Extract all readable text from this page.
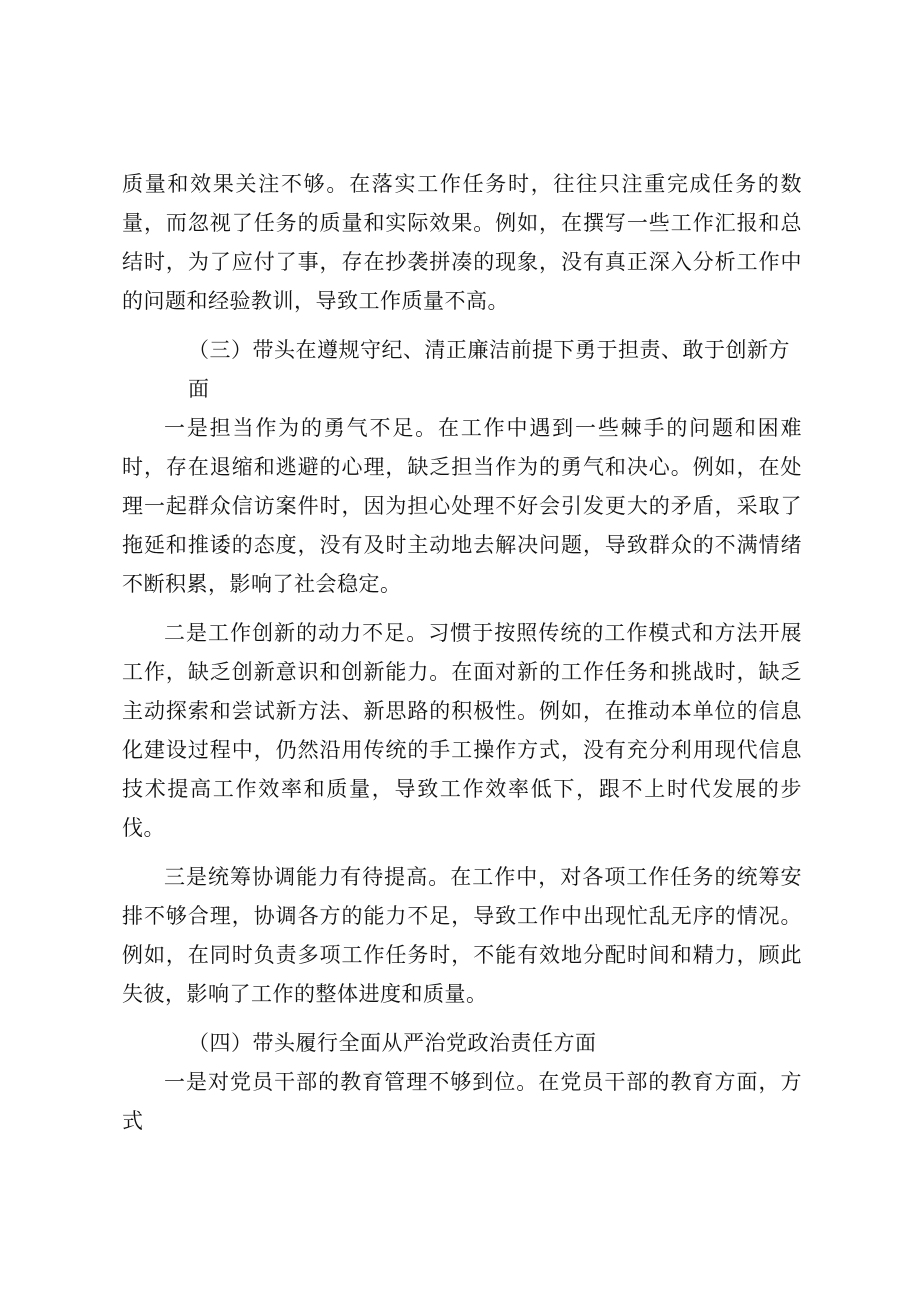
质量和效果关注不够。在落实工作任务时，往往只注重完成任务的数量，而忽视了任务的质量和实际效果。例如，在撰写一些工作汇报和总结时，为了应付了事，存在抄袭拼凑的现象，没有真正深入分析工作中的问题和经验教训，导致工作质量不高。

（三）带头在遵规守纪、清正廉洁前提下勇于担责、敢于创新方面

一是担当作为的勇气不足。在工作中遇到一些棘手的问题和困难时，存在退缩和逃避的心理，缺乏担当作为的勇气和决心。例如，在处理一起群众信访案件时，因为担心处理不好会引发更大的矛盾，采取了拖延和推诿的态度，没有及时主动地去解决问题，导致群众的不满情绪不断积累，影响了社会稳定。

二是工作创新的动力不足。习惯于按照传统的工作模式和方法开展工作，缺乏创新意识和创新能力。在面对新的工作任务和挑战时，缺乏主动探索和尝试新方法、新思路的积极性。例如，在推动本单位的信息化建设过程中，仍然沿用传统的手工操作方式，没有充分利用现代信息技术提高工作效率和质量，导致工作效率低下，跟不上时代发展的步伐。

三是统筹协调能力有待提高。在工作中，对各项工作任务的统筹安排不够合理，协调各方的能力不足，导致工作中出现忙乱无序的情况。例如，在同时负责多项工作任务时，不能有效地分配时间和精力，顾此失彼，影响了工作的整体进度和质量。

（四）带头履行全面从严治党政治责任方面

一是对党员干部的教育管理不够到位。在党员干部的教育方面，方式
